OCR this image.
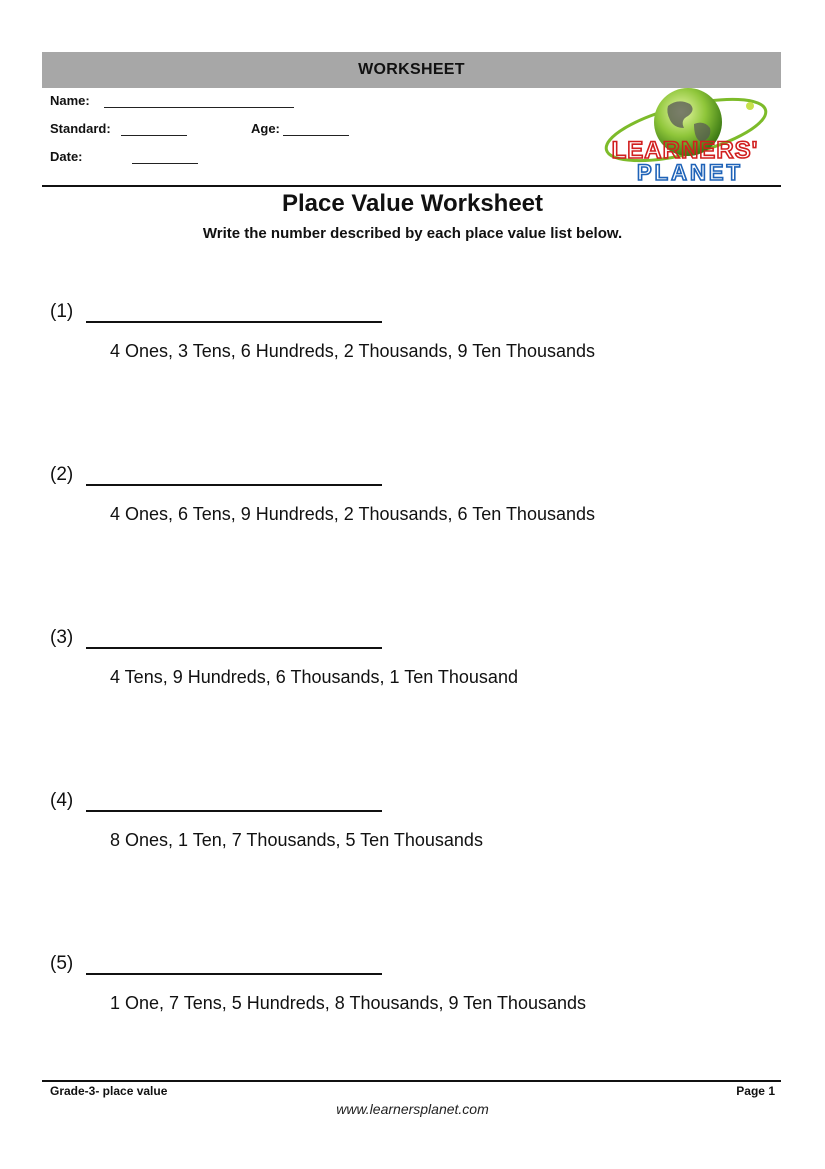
WORKSHEET
Name:
Standard:	Age:
Date:	LEARNERS'
PLANET
Place Value Worksheet
Write the number described by each place value list below.
(1)
4 Ones, 3 Tens, 6 Hundreds, 2 Thousands, 9 Ten Thousands
(2)
4 Ones, 6 Tens, 9 Hundreds, 2 Thousands, 6 Ten Thousands
(3)
4 Tens, 9 Hundreds, 6 Thousands, 1 Ten Thousand
(4)
8 Ones, 1 Ten, 7 Thousands, 5 Ten Thousands
(5)
1 One, 7 Tens, 5 Hundreds, 8 Thousands, 9 Ten Thousands
Grade-3- place value	Page 1
www.learnersplanet.com
